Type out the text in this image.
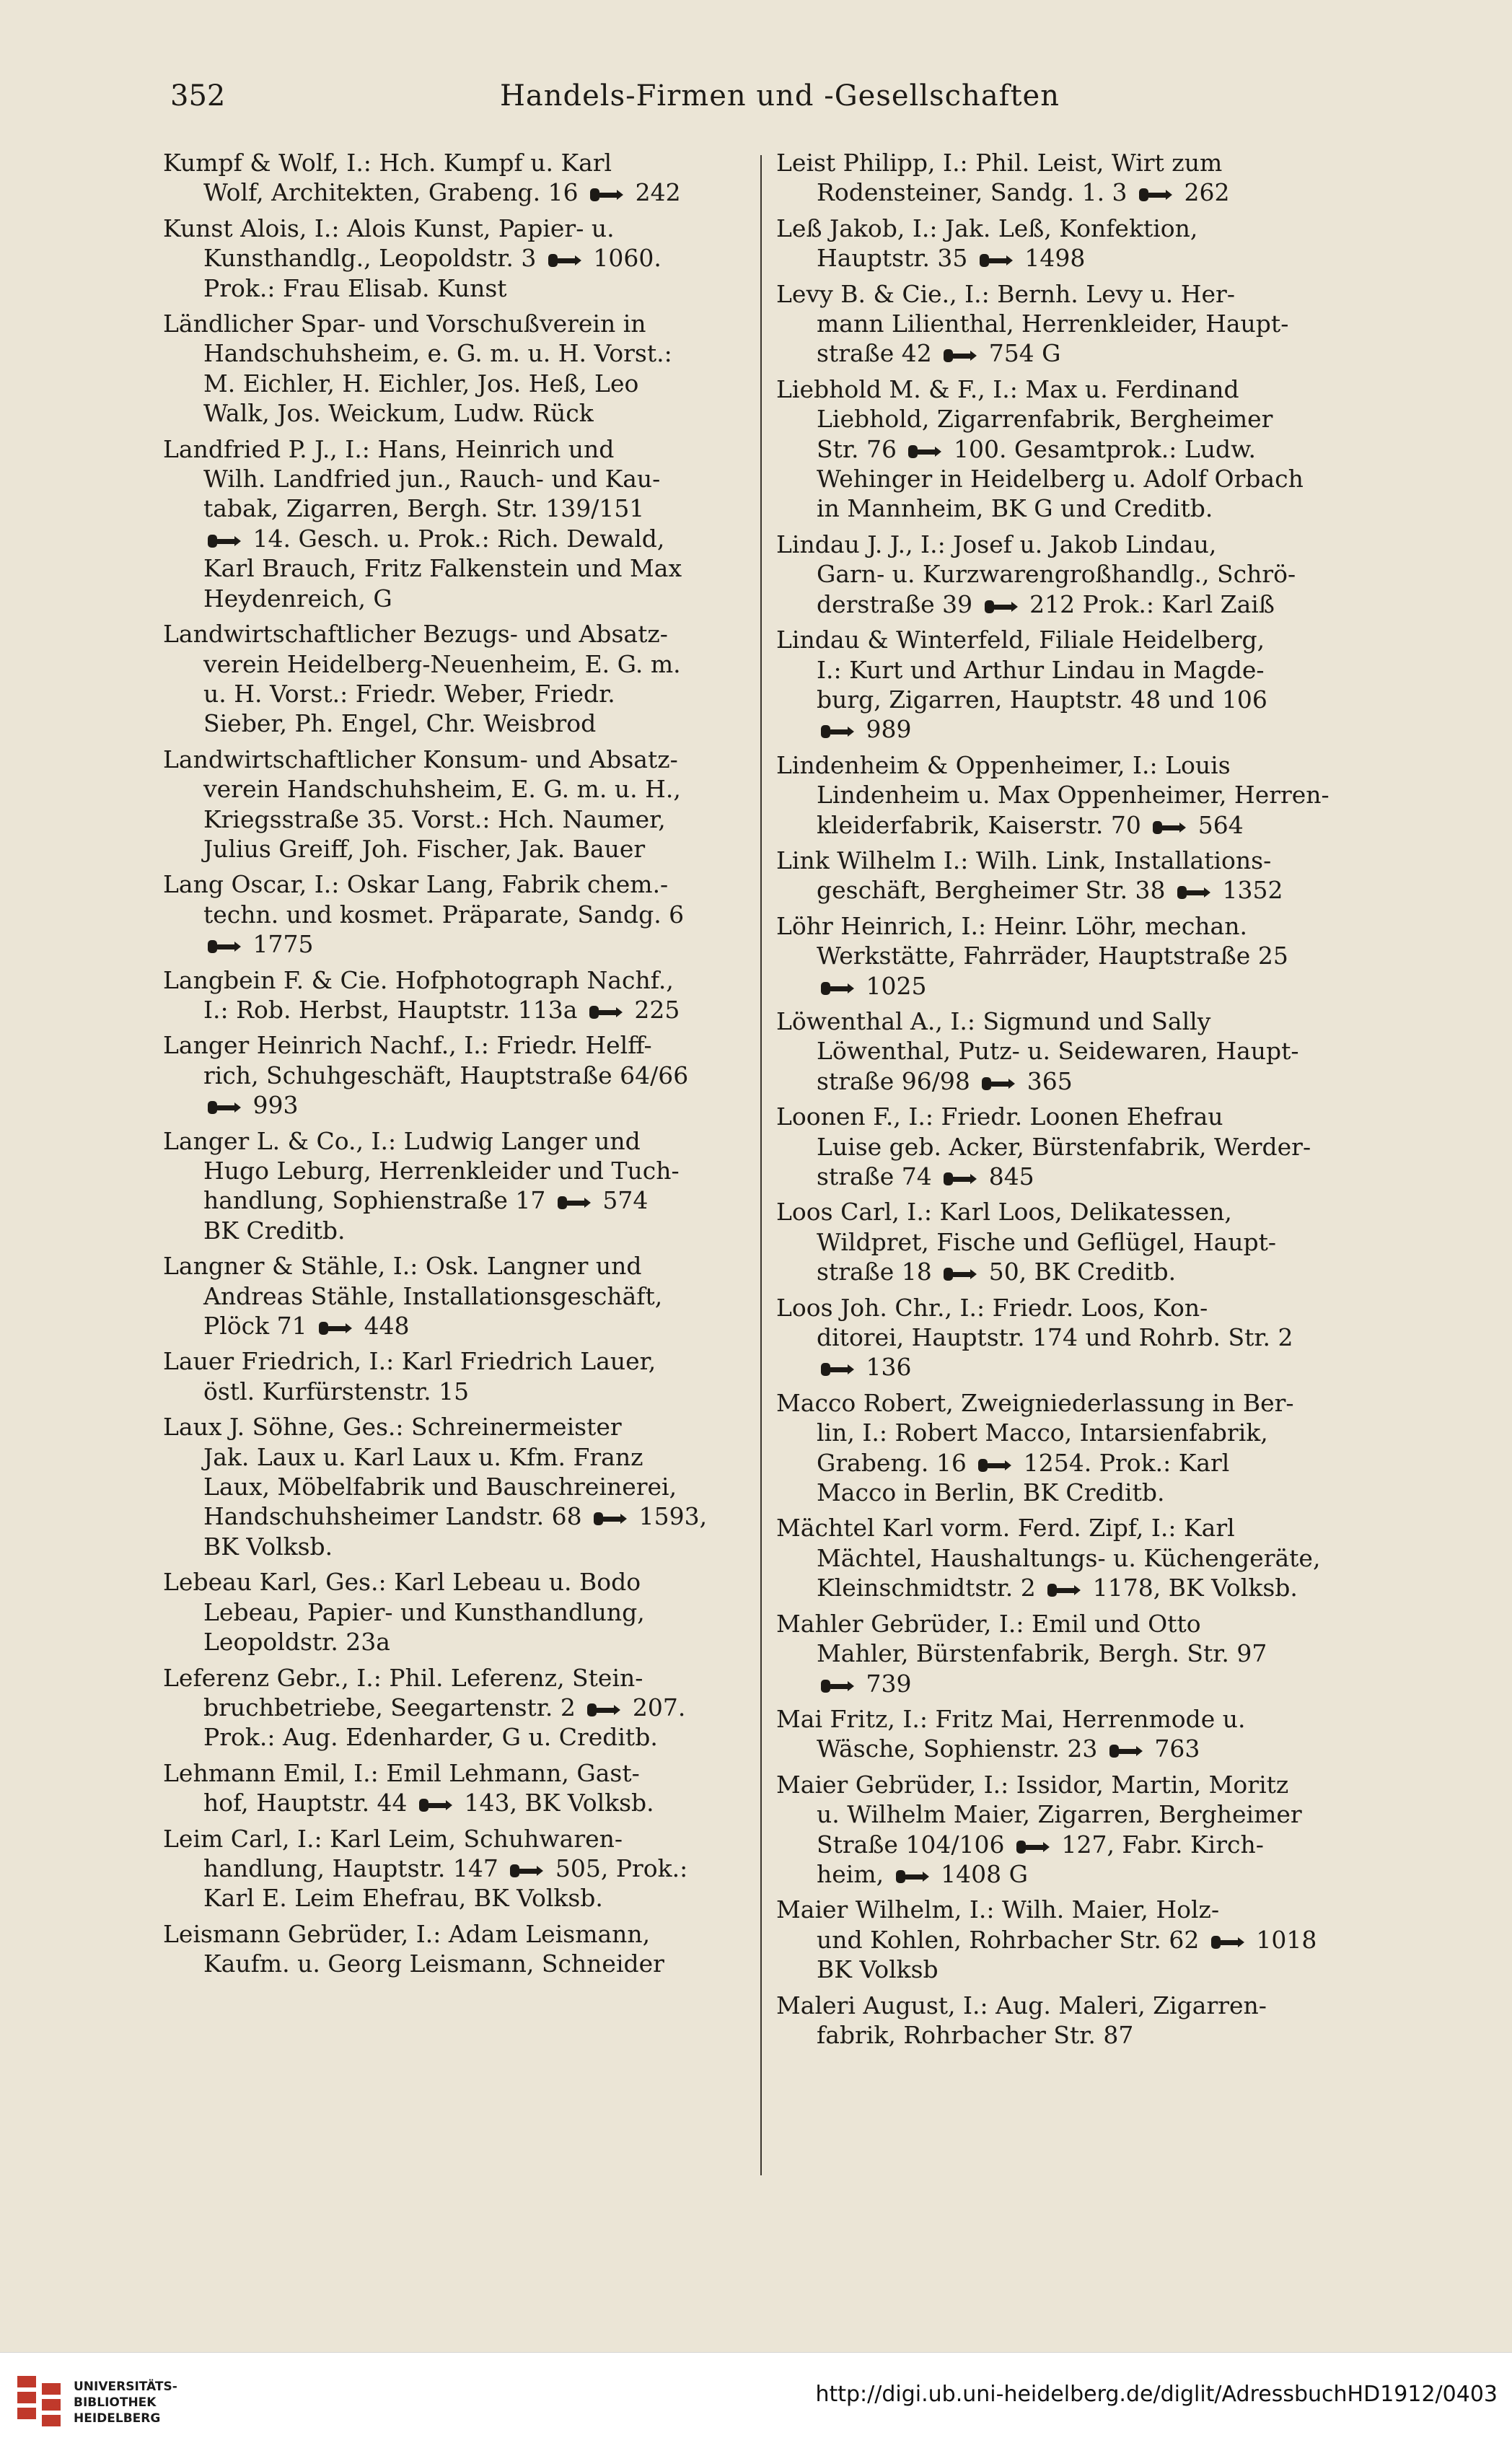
352	Handels-Firmen und -Gesellschaften
Kumpf & Wolf, I.: Hch. Kumpf u. Karl
Wolf, Architekten, Grabeng. 16
242
Kunst Alois, I.: Alois Kunst, Papier- u.
Kunsthandlg., Leopoldstr. 3
1060.
Prok.: Frau Elisab. Kunst
Ländlicher Spar- und Vorschußverein in
Handschuhsheim, e. G. m. u. H. Vorst.:
M. Eichler, H. Eichler, Jos. Heß, Leo
Walk, Jos. Weickum, Ludw. Rück
Landfried P. J., I.: Hans, Heinrich und
Wilh. Landfried jun., Rauch- und Kau-
tabak, Zigarren, Bergh. Str. 139/151
14. Gesch. u. Prok.: Rich. Dewald,
Karl Brauch, Fritz Falkenstein und Max
Heydenreich, G
Landwirtschaftlicher Bezugs- und Absatz-
verein Heidelberg-Neuenheim, E. G. m.
u. H. Vorst.: Friedr. Weber, Friedr.
Sieber, Ph. Engel, Chr. Weisbrod
Landwirtschaftlicher Konsum- und Absatz-
verein Handschuhsheim, E. G. m. u. H.,
Kriegsstraße 35. Vorst.: Hch. Naumer,
Julius Greiff, Joh. Fischer, Jak. Bauer
Lang Oscar, I.: Oskar Lang, Fabrik chem.-
techn. und kosmet. Präparate, Sandg. 6
1775
Langbein F. & Cie. Hofphotograph Nachf.,
I.: Rob. Herbst, Hauptstr. 113a
225
Langer Heinrich Nachf., I.: Friedr. Helff-
rich, Schuhgeschäft, Hauptstraße 64/66
993
Langer L. & Co., I.: Ludwig Langer und
Hugo Leburg, Herrenkleider und Tuch-
handlung, Sophienstraße 17
574
BK Creditb.
Langner & Stähle, I.: Osk. Langner und
Andreas Stähle, Installationsgeschäft,
Plöck 71
448
Lauer Friedrich, I.: Karl Friedrich Lauer,
östl. Kurfürstenstr. 15
Laux J. Söhne, Ges.: Schreinermeister
Jak. Laux u. Karl Laux u. Kfm. Franz
Laux, Möbelfabrik und Bauschreinerei,
Handschuhsheimer Landstr. 68
1593,
BK Volksb.
Lebeau Karl, Ges.: Karl Lebeau u. Bodo
Lebeau, Papier- und Kunsthandlung,
Leopoldstr. 23a
Leferenz Gebr., I.: Phil. Leferenz, Stein-
bruchbetriebe, Seegartenstr. 2
207.
Prok.: Aug. Edenharder, G u. Creditb.
Lehmann Emil, I.: Emil Lehmann, Gast-
hof, Hauptstr. 44
143, BK Volksb.
Leim Carl, I.: Karl Leim, Schuhwaren-
handlung, Hauptstr. 147
505, Prok.:
Karl E. Leim Ehefrau, BK Volksb.
Leismann Gebrüder, I.: Adam Leismann,
Kaufm. u. Georg Leismann, Schneider
Leist Philipp, I.: Phil. Leist, Wirt zum
Rodensteiner, Sandg. 1. 3
262
Leß Jakob, I.: Jak. Leß, Konfektion,
Hauptstr. 35
1498
Levy B. & Cie., I.: Bernh. Levy u. Her-
mann Lilienthal, Herrenkleider, Haupt-
straße 42
754 G
Liebhold M. & F., I.: Max u. Ferdinand
Liebhold, Zigarrenfabrik, Bergheimer
Str. 76
100. Gesamtprok.: Ludw.
Wehinger in Heidelberg u. Adolf Orbach
in Mannheim, BK G und Creditb.
Lindau J. J., I.: Josef u. Jakob Lindau,
Garn- u. Kurzwarengroßhandlg., Schrö-
derstraße 39
212 Prok.: Karl Zaiß
Lindau & Winterfeld, Filiale Heidelberg,
I.: Kurt und Arthur Lindau in Magde-
burg, Zigarren, Hauptstr. 48 und 106
989
Lindenheim & Oppenheimer, I.: Louis
Lindenheim u. Max Oppenheimer, Herren-
kleiderfabrik, Kaiserstr. 70
564
Link Wilhelm I.: Wilh. Link, Installations-
geschäft, Bergheimer Str. 38
1352
Löhr Heinrich, I.: Heinr. Löhr, mechan.
Werkstätte, Fahrräder, Hauptstraße 25
1025
Löwenthal A., I.: Sigmund und Sally
Löwenthal, Putz- u. Seidewaren, Haupt-
straße 96/98
365
Loonen F., I.: Friedr. Loonen Ehefrau
Luise geb. Acker, Bürstenfabrik, Werder-
straße 74
845
Loos Carl, I.: Karl Loos, Delikatessen,
Wildpret, Fische und Geflügel, Haupt-
straße 18
50, BK Creditb.
Loos Joh. Chr., I.: Friedr. Loos, Kon-
ditorei, Hauptstr. 174 und Rohrb. Str. 2
136
Macco Robert, Zweigniederlassung in Ber-
lin, I.: Robert Macco, Intarsienfabrik,
Grabeng. 16
1254. Prok.: Karl
Macco in Berlin, BK Creditb.
Mächtel Karl vorm. Ferd. Zipf, I.: Karl
Mächtel, Haushaltungs- u. Küchengeräte,
Kleinschmidtstr. 2
1178, BK Volksb.
Mahler Gebrüder, I.: Emil und Otto
Mahler, Bürstenfabrik, Bergh. Str. 97
739
Mai Fritz, I.: Fritz Mai, Herrenmode u.
Wäsche, Sophienstr. 23
763
Maier Gebrüder, I.: Issidor, Martin, Moritz
u. Wilhelm Maier, Zigarren, Bergheimer
Straße 104/106
127, Fabr. Kirch-
heim,
1408 G
Maier Wilhelm, I.: Wilh. Maier, Holz-
und Kohlen, Rohrbacher Str. 62
1018
BK Volksb
Maleri August, I.: Aug. Maleri, Zigarren-
fabrik, Rohrbacher Str. 87
UNIVERSITÄTS-
BIBLIOTHEK
HEIDELBERG
http://digi.ub.uni-heidelberg.de/diglit/AdressbuchHD1912/0403
